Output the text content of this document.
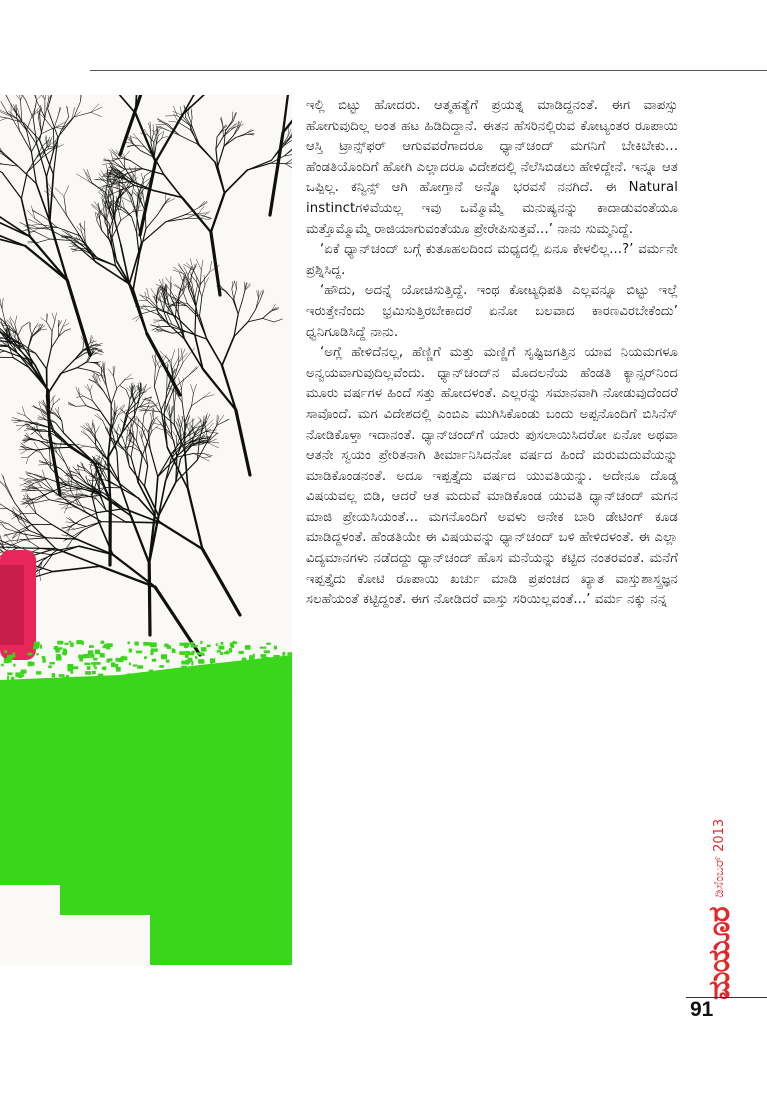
ಇಲ್ಲಿ ಬಿಟ್ಟು ಹೋದರು. ಆತ್ಮಹತ್ಯೆಗೆ ಪ್ರಯತ್ನ ಮಾಡಿದ್ದನಂತೆ. ಈಗ ವಾಪಸ್ಸು ಹೋಗುವುದಿಲ್ಲ ಅಂತ ಹಟ ಹಿಡಿದಿದ್ದಾನೆ. ಈತನ ಹೆಸರಿನಲ್ಲಿರುವ ಕೋಟ್ಯಂತರ ರೂಪಾಯಿ ಆಸ್ತಿ ಟ್ರಾನ್ಸ್‌ಫರ್ ಆಗುವವರೆಗಾದರೂ ಧ್ಯಾನ್‌ಚಂದ್ ಮಗನಿಗೆ ಬೇಕಿಬೇಕು... ಹೆಂಡತಿಯೊಂದಿಗೆ ಹೋಗಿ ಎಲ್ಲಾದರೂ ವಿದೇಶದಲ್ಲಿ ನೆಲೆಸಿಬಿಡಲು ಹೇಳಿದ್ದೇನೆ. ಇನ್ನೂ ಆತ ಒಪ್ಪಿಲ್ಲ. ಕನ್ವಿನ್ಸ್ ಆಗಿ ಹೋಗ್ತಾನೆ ಅನ್ನೊ ಭರವಸೆ ನನಗಿದೆ. ಈ Natural instinctಗಳಿವೆಯಲ್ಲ ಇವು ಒಮ್ಮೊಮ್ಮೆ ಮನುಷ್ಯನನ್ನು ಕಾದಾಡುವಂತೆಯೂ ಮತ್ತೊಮ್ಮೊಮ್ಮೆ ರಾಜಿಯಾಗುವಂತೆಯೂ ಪ್ರೇರೇಪಿಸುತ್ತವೆ...’ ನಾನು ಸುಮ್ಮನಿದ್ದೆ.

‘ಏಕೆ ಧ್ಯಾನ್‌ಚಂದ್ ಬಗ್ಗೆ ಕುತೂಹಲದಿಂದ ಮಧ್ಯದಲ್ಲಿ ಏನೂ ಕೇಳಲಿಲ್ಲ...?’ ವರ್ಮನೇ ಪ್ರಶ್ನಿಸಿದ್ದ.

‘ಹೌದು, ಅದನ್ನೆ ಯೋಚಿಸುತ್ತಿದ್ದೆ. ಇಂಥ ಕೋಟ್ಯಧಿಪತಿ ಎಲ್ಲವನ್ನೂ ಬಿಟ್ಟು ಇಲ್ಲೆ ಇರುತ್ತೇನೆಂದು ಭ್ರಮಿಸುತ್ತಿರಬೇಕಾದರೆ ಏನೋ ಬಲವಾದ ಕಾರಣವಿರಬೇಕೆಂದು’ ಧ್ವನಿಗೂಡಿಸಿದ್ದೆ ನಾನು.

‘ಅಗ್ಲೆ ಹೇಳಿದೆನಲ್ಲ, ಹೆಣ್ಣಿಗೆ ಮತ್ತು ಮಣ್ಣಿಗೆ ಸೃಷ್ಟಿಜಗತ್ತಿನ ಯಾವ ನಿಯಮಗಳೂ ಅನ್ವಯವಾಗುವುದಿಲ್ಲವೆಂದು. ಧ್ಯಾನ್‌ಚಂದ್‌ನ ಮೊದಲನೆಯ ಹೆಂಡತಿ ಕ್ಯಾನ್ಸರ್‌ನಿಂದ ಮೂರು ವರ್ಷಗಳ ಹಿಂದೆ ಸತ್ತು ಹೋದಳಂತೆ. ಎಲ್ಲರನ್ನು ಸಮಾನವಾಗಿ ನೋಡುವುದೆಂದರೆ ಸಾವೊಂದೆ. ಮಗ ವಿದೇಶದಲ್ಲಿ ಎಂಬಿಎ ಮುಗಿಸಿಕೊಂಡು ಬಂದು ಅಪ್ಪನೊಂದಿಗೆ ಬಿಸಿನೆಸ್ ನೋಡಿಕೊಳ್ತಾ ಇದಾನಂತೆ. ಧ್ಯಾನ್‌ಚಂದ್‌ಗೆ ಯಾರು ಪುಸಲಾಯಿಸಿದರೋ ಏನೋ ಅಥವಾ ಆತನೇ ಸ್ವಯಂ ಪ್ರೇರಿತನಾಗಿ ತೀರ್ಮಾನಿಸಿದನೋ ವರ್ಷದ ಹಿಂದೆ ಮರುಮದುವೆಯನ್ನು ಮಾಡಿಕೊಂಡನಂತೆ. ಅದೂ ಇಪ್ಪತ್ತೈದು ವರ್ಷದ ಯುವತಿಯನ್ನು. ಅದೇನೂ ದೊಡ್ಡ ವಿಷಯವಲ್ಲ ಬಿಡಿ, ಆದರೆ ಆತ ಮದುವೆ ಮಾಡಿಕೊಂಡ ಯುವತಿ ಧ್ಯಾನ್‌ಚಂದ್ ಮಗನ ಮಾಜಿ ಪ್ರೇಯಸಿಯಂತೆ... ಮಗನೊಂದಿಗೆ ಅವಳು ಅನೇಕ ಬಾರಿ ಡೇಟಿಂಗ್ ಕೂಡ ಮಾಡಿದ್ದಳಂತೆ. ಹೆಂಡತಿಯೇ ಈ ವಿಷಯವನ್ನು ಧ್ಯಾನ್‌ಚಂದ್ ಬಳಿ ಹೇಳಿದಳಂತೆ. ಈ ಎಲ್ಲಾ ವಿದ್ಯಮಾನಗಳು ನಡೆದದ್ದು ಧ್ಯಾನ್‌ಚಂದ್ ಹೊಸ ಮನೆಯನ್ನು ಕಟ್ಟಿದ ನಂತರವಂತೆ. ಮನೆಗೆ ಇಪ್ಪತ್ತೈದು ಕೋಟಿ ರೂಪಾಯಿ ಖರ್ಚು ಮಾಡಿ ಪ್ರಪಂಚದ ಖ್ಯಾತ ವಾಸ್ತುಶಾಸ್ತ್ರಜ್ಞನ ಸಲಹೆಯಂತೆ ಕಟ್ಟಿದ್ದಂತೆ. ಈಗ ನೋಡಿದರೆ ವಾಸ್ತು ಸರಿಯಿಲ್ಲವಂತೆ...’ ವರ್ಮ ನಕ್ಕು ನನ್ನ

ಮಯೂರ
ಡಿಸೆಂಬರ್ 2013
91
